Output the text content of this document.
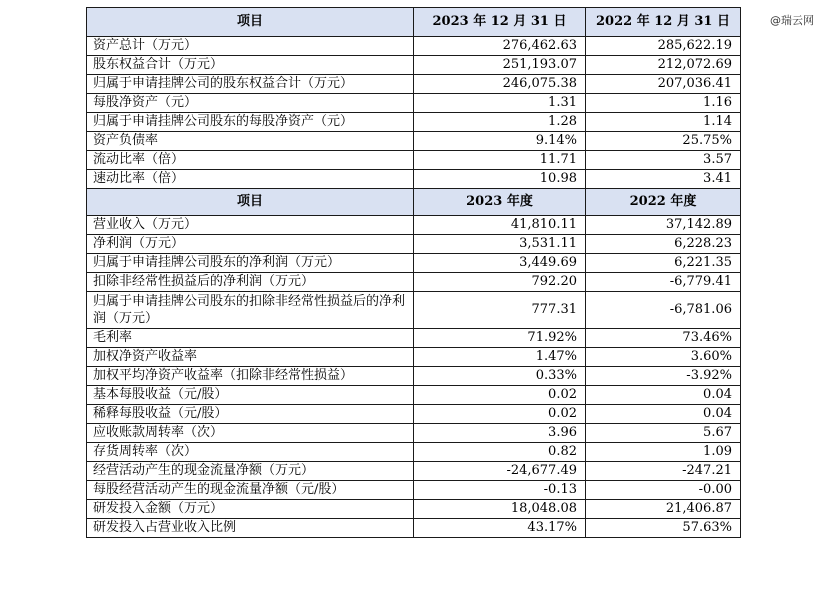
@瑞云网
项目	2023 年 12 月 31 日	2022 年 12 月 31 日
资产总计（万元）	276,462.63	285,622.19
股东权益合计（万元）	251,193.07	212,072.69
归属于申请挂牌公司的股东权益合计（万元）	246,075.38	207,036.41
每股净资产（元）	1.31	1.16
归属于申请挂牌公司股东的每股净资产（元）	1.28	1.14
资产负债率	9.14%	25.75%
流动比率（倍）	11.71	3.57
速动比率（倍）	10.98	3.41
项目	2023 年度	2022 年度
营业收入（万元）	41,810.11	37,142.89
净利润（万元）	3,531.11	6,228.23
归属于申请挂牌公司股东的净利润（万元）	3,449.69	6,221.35
扣除非经常性损益后的净利润（万元）	792.20	-6,779.41
归属于申请挂牌公司股东的扣除非经常性损益后的净利润（万元）	777.31	-6,781.06
毛利率	71.92%	73.46%
加权净资产收益率	1.47%	3.60%
加权平均净资产收益率（扣除非经常性损益）	0.33%	-3.92%
基本每股收益（元/股）	0.02	0.04
稀释每股收益（元/股）	0.02	0.04
应收账款周转率（次）	3.96	5.67
存货周转率（次）	0.82	1.09
经营活动产生的现金流量净额（万元）	-24,677.49	-247.21
每股经营活动产生的现金流量净额（元/股）	-0.13	-0.00
研发投入金额（万元）	18,048.08	21,406.87
研发投入占营业收入比例	43.17%	57.63%
